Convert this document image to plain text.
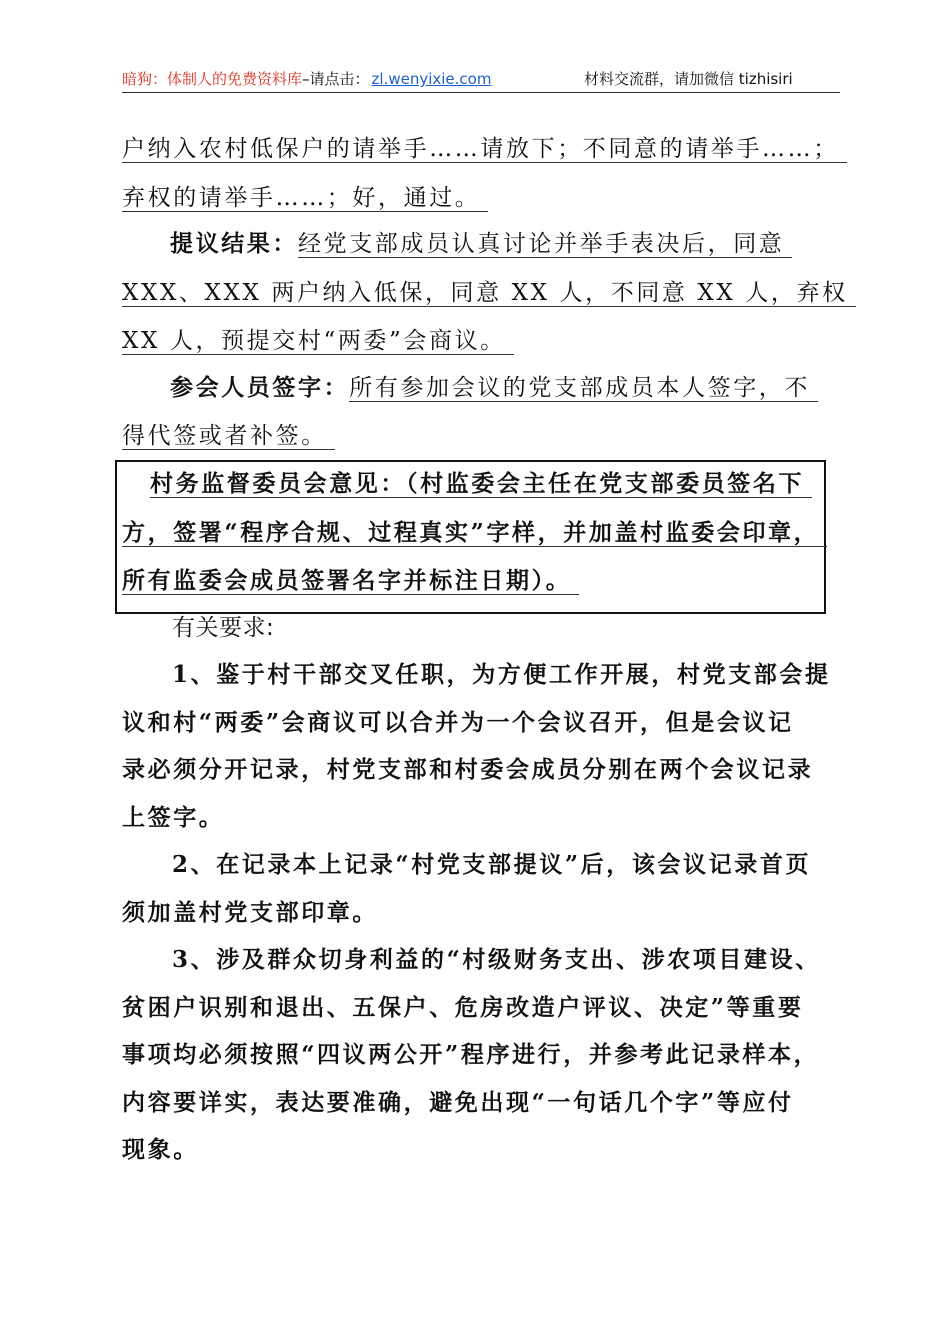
暗狗：体制人的免费资料库–请点击： zl.wenyixie.com	材料交流群，请加微信 tizhisiri
户纳入农村低保户的请举手……请放下；不同意的请举手……；
弃权的请举手……；好，通过。
提议结果：经党支部成员认真讨论并举手表决后，同意
XXX、XXX 两户纳入低保，同意 XX 人，不同意 XX 人，弃权
XX 人，预提交村“两委”会商议。
参会人员签字：所有参加会议的党支部成员本人签字，不
得代签或者补签。
村务监督委员会意见：（村监委会主任在党支部委员签名下
方，签署“程序合规、过程真实”字样，并加盖村监委会印章，
所有监委会成员签署名字并标注日期）。
有关要求:
1、鉴于村干部交叉任职，为方便工作开展，村党支部会提
议和村“两委”会商议可以合并为一个会议召开，但是会议记
录必须分开记录，村党支部和村委会成员分别在两个会议记录
上签字。
2、在记录本上记录“村党支部提议”后，该会议记录首页
须加盖村党支部印章。
3、涉及群众切身利益的“村级财务支出、涉农项目建设、
贫困户识别和退出、五保户、危房改造户评议、决定”等重要
事项均必须按照“四议两公开”程序进行，并参考此记录样本，
内容要详实，表达要准确，避免出现“一句话几个字”等应付
现象。
